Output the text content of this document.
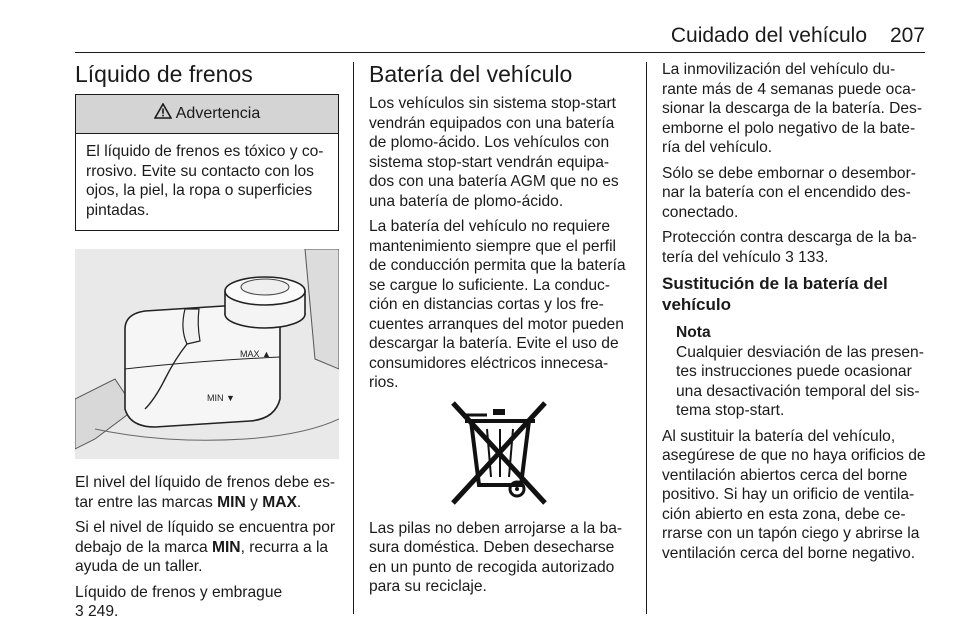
Cuidado del vehículo 207
Líquido de frenos
Advertencia
El líquido de frenos es tóxico y co-rrosivo. Evite su contacto con los ojos, la piel, la ropa o superficies pintadas.
MAX ▲
MIN ▼

El nivel del líquido de frenos debe es-tar entre las marcas MIN y MAX.

Si el nivel de líquido se encuentra por debajo de la marca MIN, recurra a la ayuda de un taller.

Líquido de frenos y embrague
3 249.

Batería del vehículo

Los vehículos sin sistema stop-start vendrán equipados con una batería de plomo-ácido. Los vehículos con sistema stop-start vendrán equipa-dos con una batería AGM que no es una batería de plomo-ácido.

La batería del vehículo no requiere mantenimiento siempre que el perfil de conducción permita que la batería se cargue lo suficiente. La conduc-ción en distancias cortas y los fre-cuentes arranques del motor pueden descargar la batería. Evite el uso de consumidores eléctricos innecesa-rios.

Las pilas no deben arrojarse a la ba-sura doméstica. Deben desecharse en un punto de recogida autorizado para su reciclaje.

La inmovilización del vehículo du-rante más de 4 semanas puede oca-sionar la descarga de la batería. Des-emborne el polo negativo de la bate-ría del vehículo.

Sólo se debe embornar o desembor-nar la batería con el encendido des-conectado.

Protección contra descarga de la ba-tería del vehículo 3 133.

Sustitución de la batería del vehículo
Nota
Cualquier desviación de las presen-tes instrucciones puede ocasionar una desactivación temporal del sis-tema stop-start.

Al sustituir la batería del vehículo, asegúrese de que no haya orificios de ventilación abiertos cerca del borne positivo. Si hay un orificio de ventila-ción abierto en esta zona, debe ce-rrarse con un tapón ciego y abrirse la ventilación cerca del borne negativo.
